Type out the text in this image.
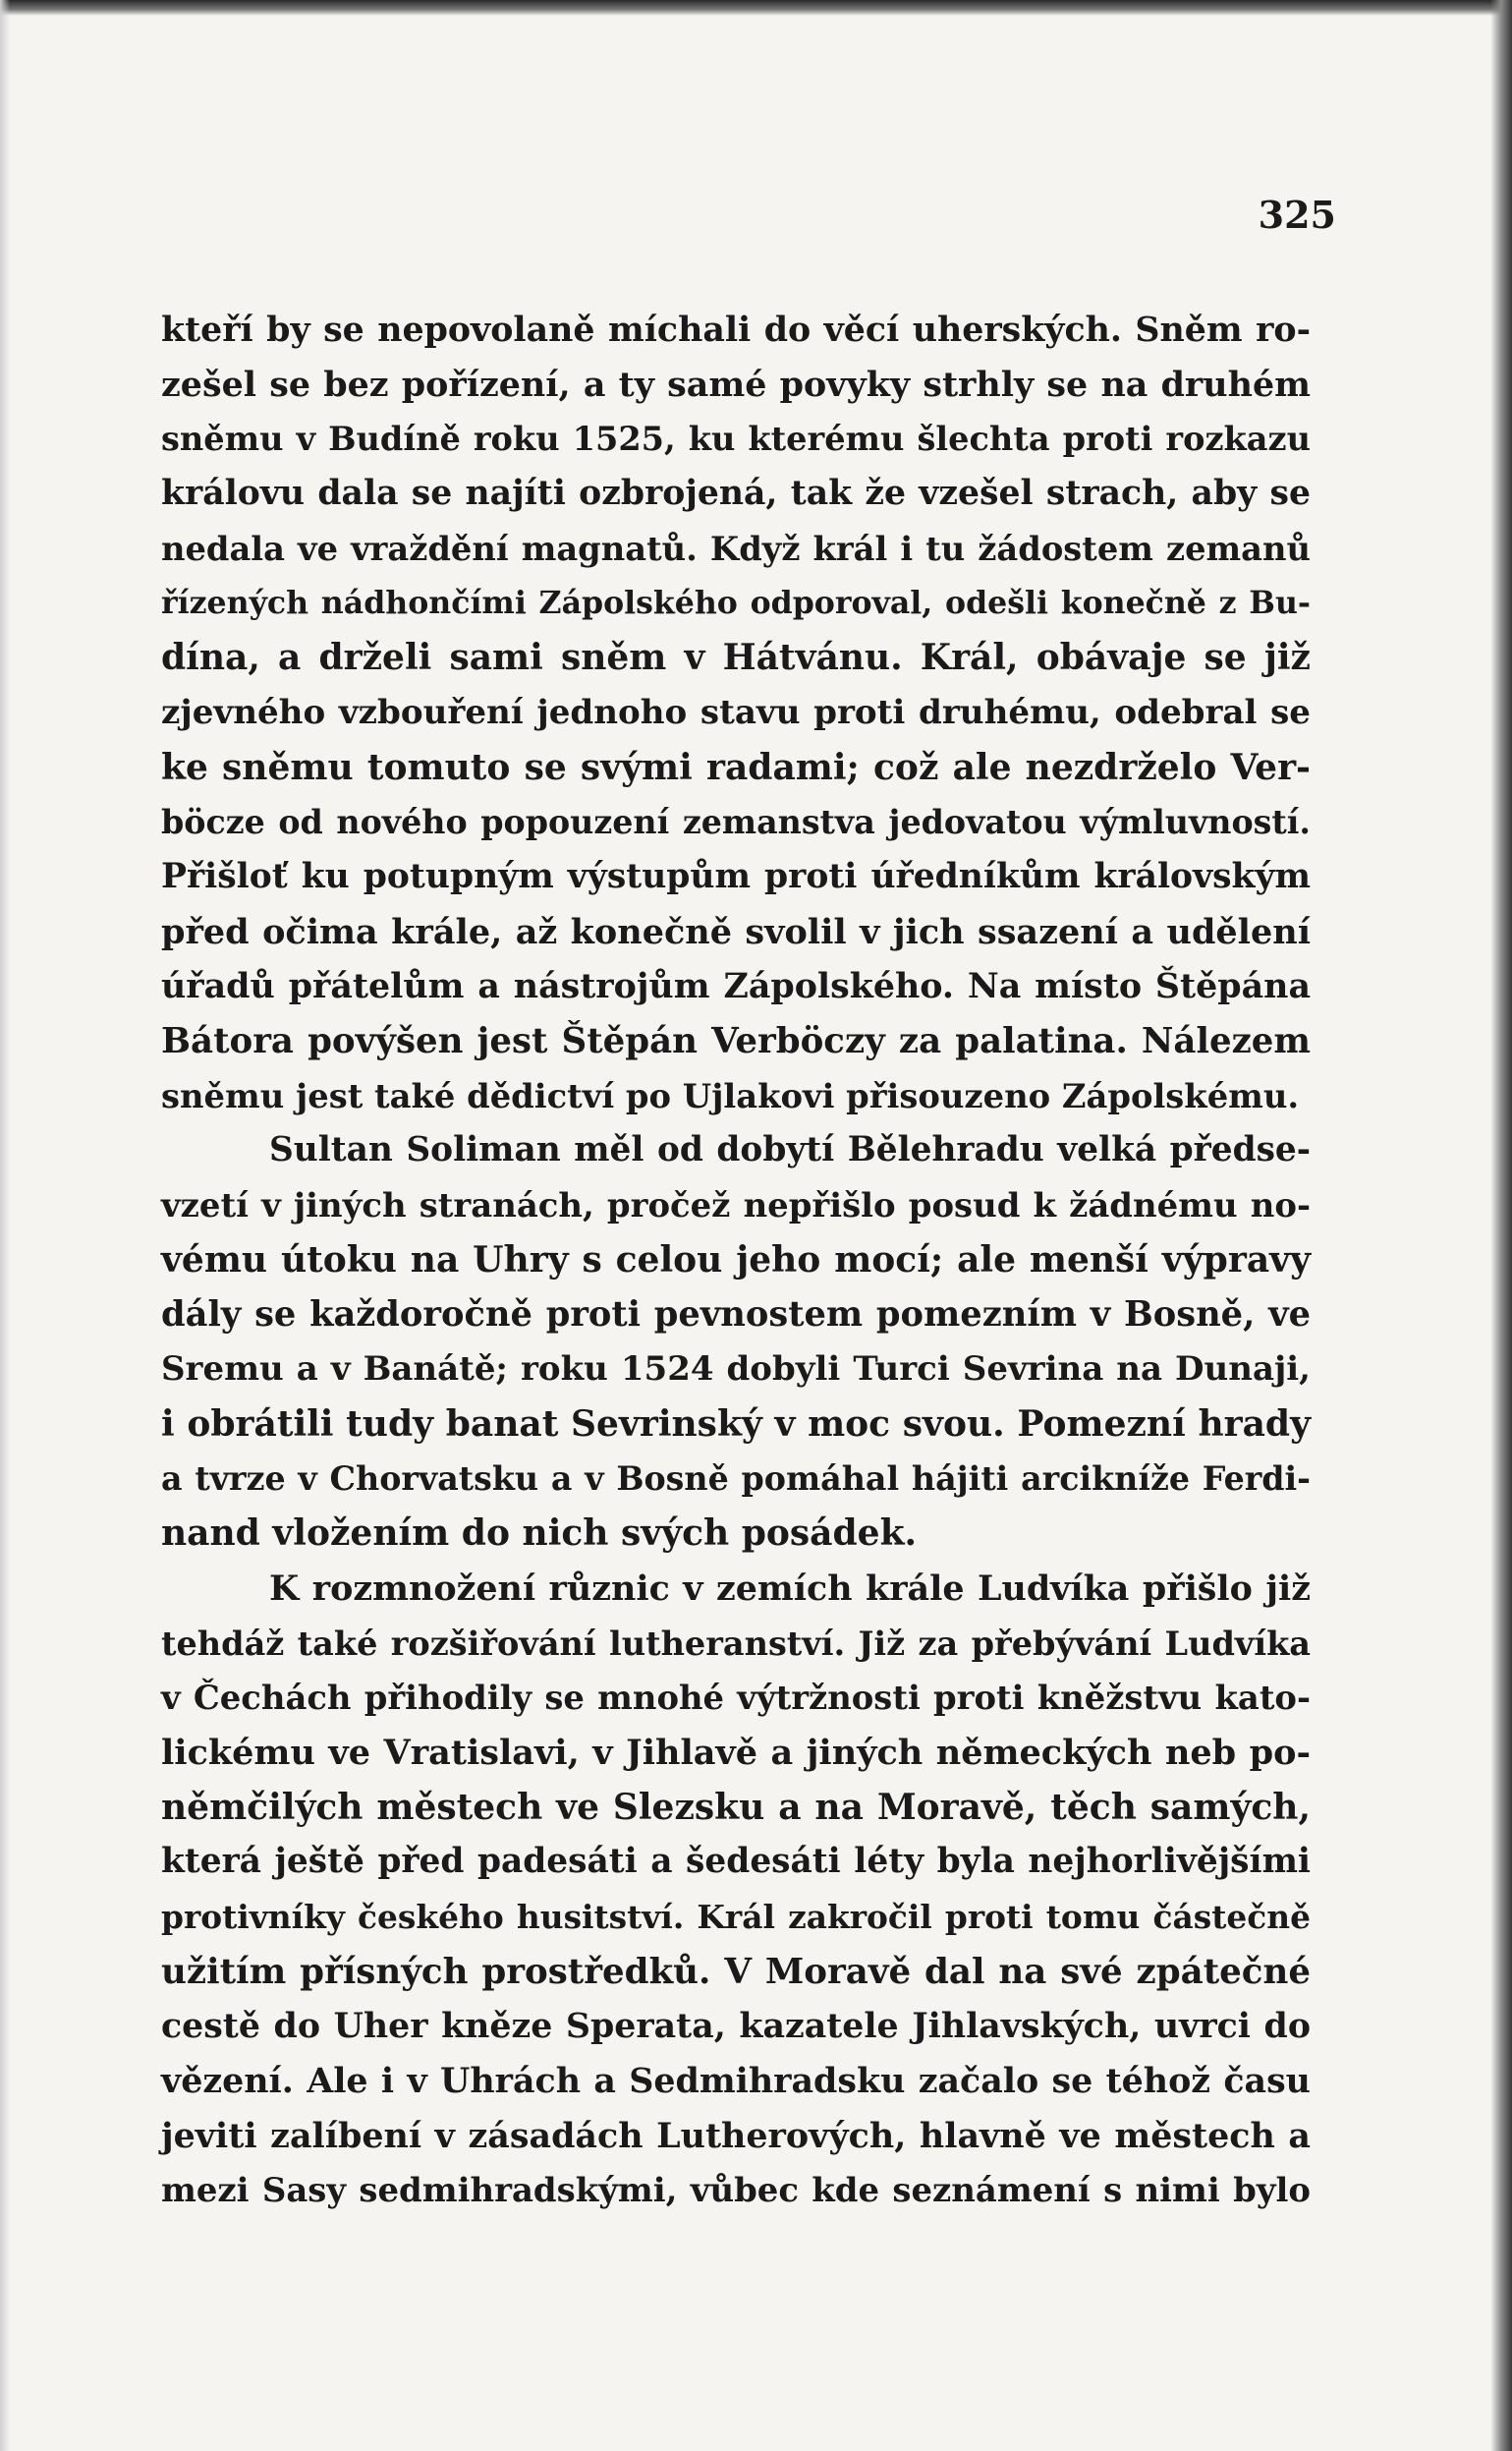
325
kteří by se nepovolaně míchali do věcí uherských. Sněm ro-
zešel se bez pořízení, a ty samé povyky strhly se na druhém
sněmu v Budíně roku 1525, ku kterému šlechta proti rozkazu
královu dala se najíti ozbrojená, tak že vzešel strach, aby se
nedala ve vraždění magnatů. Když král i tu žádostem zemanů
řízených nádhončími Zápolského odporoval, odešli konečně z Bu-
dína, a drželi sami sněm v Hátvánu. Král, obávaje se již
zjevného vzbouření jednoho stavu proti druhému, odebral se
ke sněmu tomuto se svými radami; což ale nezdrželo Ver-
böcze od nového popouzení zemanstva jedovatou výmluvností.
Přišloť ku potupným výstupům proti úředníkům královským
před očima krále, až konečně svolil v jich ssazení a udělení
úřadů přátelům a nástrojům Zápolského. Na místo Štěpána
Bátora povýšen jest Štěpán Verböczy za palatina. Nálezem
sněmu jest také dědictví po Ujlakovi přisouzeno Zápolskému.
Sultan Soliman měl od dobytí Bělehradu velká předse-
vzetí v jiných stranách, pročež nepřišlo posud k žádnému no-
vému útoku na Uhry s celou jeho mocí; ale menší výpravy
dály se každoročně proti pevnostem pomezním v Bosně, ve
Sremu a v Banátě; roku 1524 dobyli Turci Sevrina na Dunaji,
i obrátili tudy banat Sevrinský v moc svou. Pomezní hrady
a tvrze v Chorvatsku a v Bosně pomáhal hájiti arcikníže Ferdi-
nand vložením do nich svých posádek.
K rozmnožení různic v zemích krále Ludvíka přišlo již
tehdáž také rozšiřování lutheranství. Již za přebývání Ludvíka
v Čechách přihodily se mnohé výtržnosti proti kněžstvu kato-
lickému ve Vratislavi, v Jihlavě a jiných německých neb po-
němčilých městech ve Slezsku a na Moravě, těch samých,
která ještě před padesáti a šedesáti léty byla nejhorlivějšími
protivníky českého husitství. Král zakročil proti tomu částečně
užitím přísných prostředků. V Moravě dal na své zpátečné
cestě do Uher kněze Sperata, kazatele Jihlavských, uvrci do
vězení. Ale i v Uhrách a Sedmihradsku začalo se téhož času
jeviti zalíbení v zásadách Lutherových, hlavně ve městech a
mezi Sasy sedmihradskými, vůbec kde seznámení s nimi bylo
